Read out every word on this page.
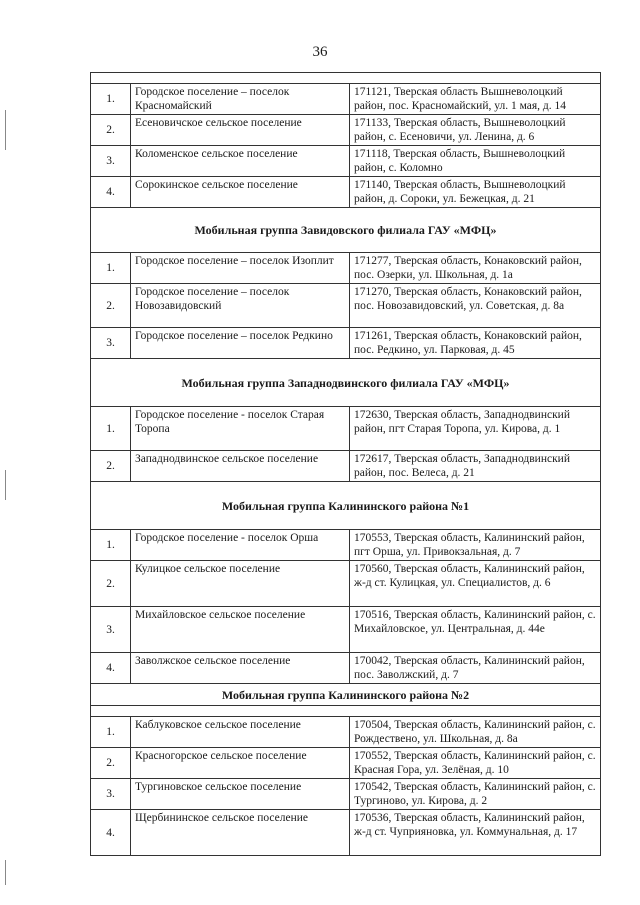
36

1.	Городское поселение – поселок Красномайский	171121, Тверская область Вышневолоцкий район, пос. Красномайский, ул. 1 мая, д. 14
2.	Есеновичское сельское поселение	171133, Тверская область, Вышневолоцкий район, с. Есеновичи, ул. Ленина, д. 6
3.	Коломенское сельское поселение	171118, Тверская область, Вышневолоцкий район, с. Коломно
4.	Сорокинское сельское поселение	171140, Тверская область, Вышневолоцкий район, д. Сороки, ул. Бежецкая, д. 21
Мобильная группа Завидовского филиала ГАУ «МФЦ»		
1.	Городское поселение – поселок Изоплит	171277, Тверская область, Конаковский район, пос. Озерки, ул. Школьная, д. 1а
2.	Городское поселение – поселок Новозавидовский	171270, Тверская область, Конаковский район, пос. Новозавидовский, ул. Советская, д. 8а
3.	Городское поселение – поселок Редкино	171261, Тверская область, Конаковский район, пос. Редкино, ул. Парковая, д. 45
Мобильная группа Западнодвинского филиала ГАУ «МФЦ»		
1.	Городское поселение - поселок Старая Торопа	172630, Тверская область, Западнодвинский район, пгт Старая Торопа, ул. Кирова, д. 1
2.	Западнодвинское сельское поселение	172617, Тверская область, Западнодвинский район, пос. Велеса, д. 21
Мобильная группа Калининского района №1		
1.	Городское поселение - поселок Орша	170553, Тверская область, Калининский район, пгт Орша, ул. Привокзальная, д. 7
2.	Кулицкое сельское поселение	170560, Тверская область, Калининский район, ж-д ст. Кулицкая, ул. Специалистов, д. 6
3.	Михайловское сельское поселение	170516, Тверская область, Калининский район, с. Михайловское, ул. Центральная, д. 44е
4.	Заволжское сельское поселение	170042, Тверская область, Калининский район, пос. Заволжский, д. 7
Мобильная группа Калининского района №2		

1.	Каблуковское сельское поселение	170504, Тверская область, Калининский район, с. Рождествено, ул. Школьная, д. 8а
2.	Красногорское сельское поселение	170552, Тверская область, Калининский район, с. Красная Гора, ул. Зелёная, д. 10
3.	Тургиновское сельское поселение	170542, Тверская область, Калининский район, с. Тургиново, ул. Кирова, д. 2
4.	Щербининское сельское поселение	170536, Тверская область, Калининский район, ж-д ст. Чуприяновка, ул. Коммунальная, д. 17
